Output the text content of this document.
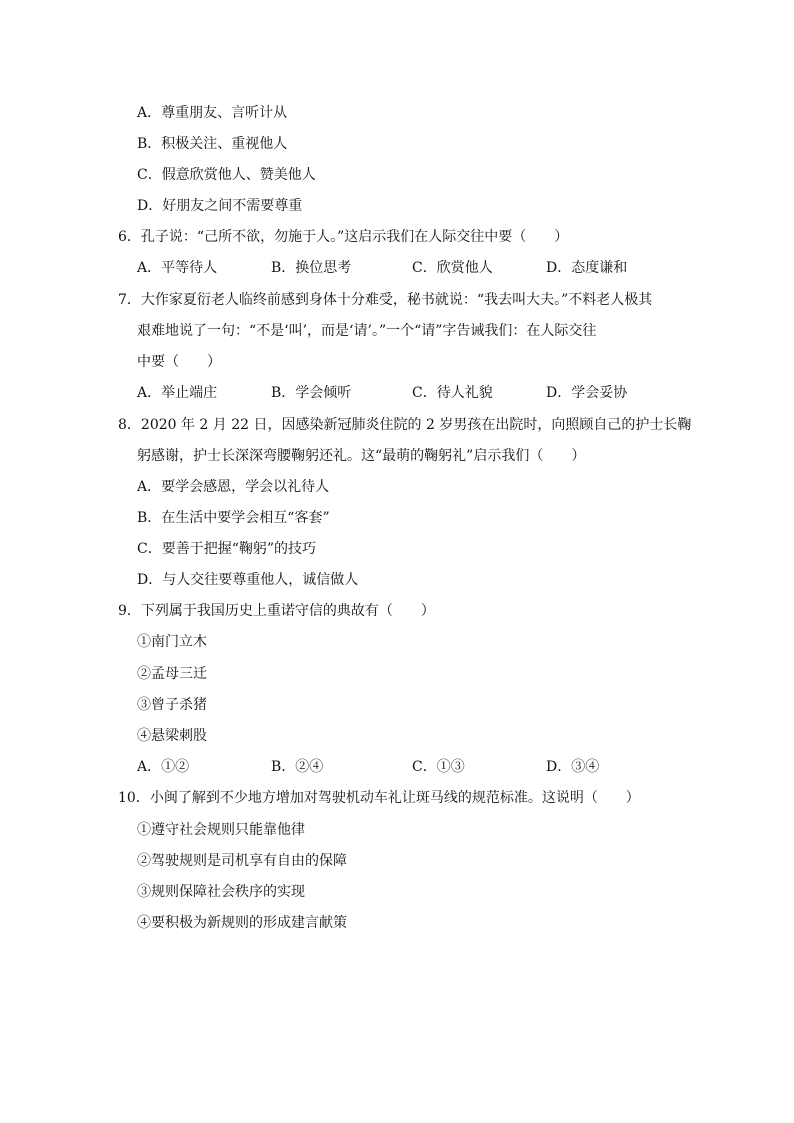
A．尊重朋友、言听计从
B．积极关注、重视他人
C．假意欣赏他人、赞美他人
D．好朋友之间不需要尊重
6．孔子说：“己所不欲，勿施于人。”这启示我们在人际交往中要（　　）
A．平等待人	B．换位思考	C．欣赏他人	D．态度谦和
7．大作家夏衍老人临终前感到身体十分难受，秘书就说：“我去叫大夫。”不料老人极其
艰难地说了一句：“不是‘叫’，而是‘请’。”一个“请”字告诫我们：在人际交往
中要（　　）
A．举止端庄	B．学会倾听	C．待人礼貌	D．学会妥协
8．2020 年 2 月 22 日，因感染新冠肺炎住院的 2 岁男孩在出院时，向照顾自己的护士长鞠
躬感谢，护士长深深弯腰鞠躬还礼。这“最萌的鞠躬礼”启示我们（　　）
A．要学会感恩，学会以礼待人
B．在生活中要学会相互“客套”
C．要善于把握“鞠躬”的技巧
D．与人交往要尊重他人，诚信做人
9．下列属于我国历史上重诺守信的典故有（　　）
①南门立木
②孟母三迁
③曾子杀猪
④悬梁刺股
A．①②	B．②④	C．①③	D．③④
10．小闽了解到不少地方增加对驾驶机动车礼让斑马线的规范标准。这说明（　　）
①遵守社会规则只能靠他律
②驾驶规则是司机享有自由的保障
③规则保障社会秩序的实现
④要积极为新规则的形成建言献策
